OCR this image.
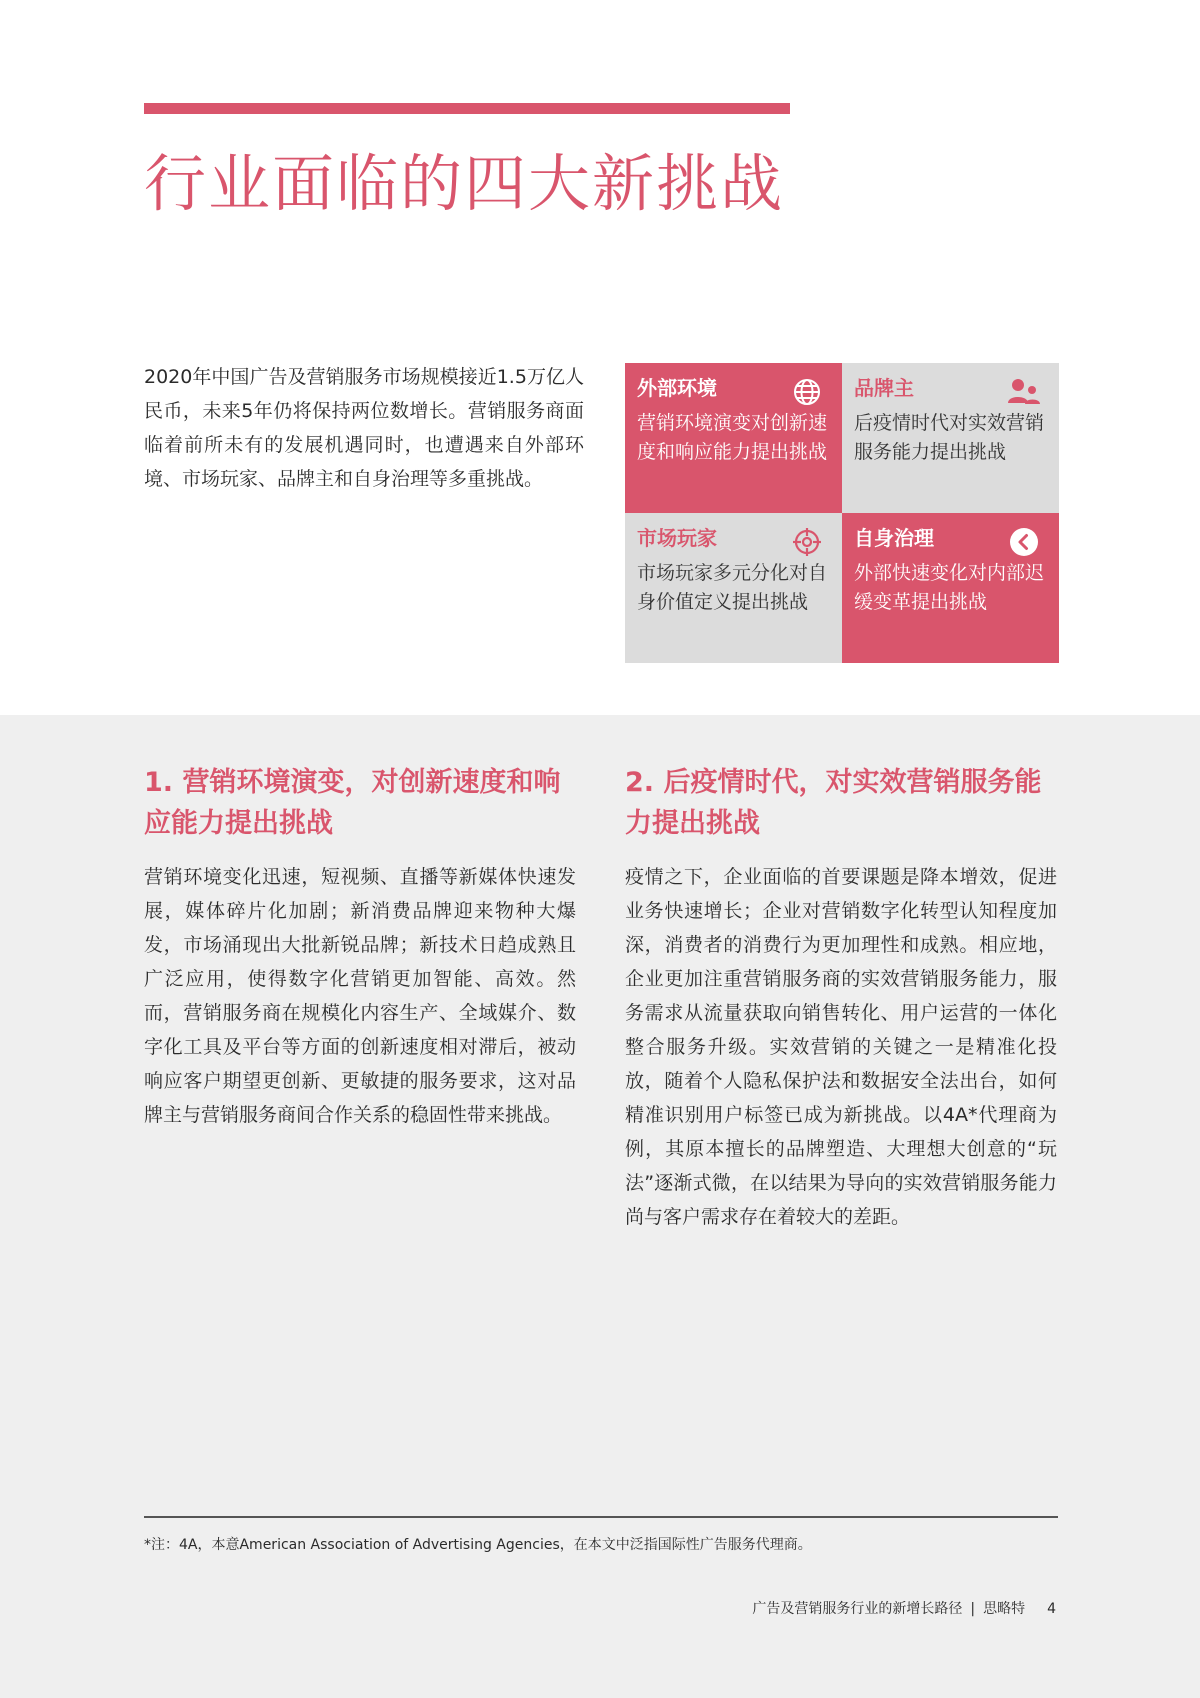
行业面临的四大新挑战
2020年中国广告及营销服务市场规模接近1.5万亿人民币，未来5年仍将保持两位数增长。营销服务商面临着前所未有的发展机遇同时，也遭遇来自外部环境、市场玩家、品牌主和自身治理等多重挑战。
外部环境
营销环境演变对创新速度和响应能力提出挑战
品牌主
后疫情时代对实效营销服务能力提出挑战
市场玩家
市场玩家多元分化对自身价值定义提出挑战
自身治理
外部快速变化对内部迟缓变革提出挑战
1. 营销环境演变，对创新速度和响应能力提出挑战
营销环境变化迅速，短视频、直播等新媒体快速发展，媒体碎片化加剧；新消费品牌迎来物种大爆发，市场涌现出大批新锐品牌；新技术日趋成熟且广泛应用，使得数字化营销更加智能、高效。然而，营销服务商在规模化内容生产、全域媒介、数字化工具及平台等方面的创新速度相对滞后，被动响应客户期望更创新、更敏捷的服务要求，这对品牌主与营销服务商间合作关系的稳固性带来挑战。
2. 后疫情时代，对实效营销服务能力提出挑战
疫情之下，企业面临的首要课题是降本增效，促进业务快速增长；企业对营销数字化转型认知程度加深，消费者的消费行为更加理性和成熟。相应地，企业更加注重营销服务商的实效营销服务能力，服务需求从流量获取向销售转化、用户运营的一体化整合服务升级。实效营销的关键之一是精准化投放，随着个人隐私保护法和数据安全法出台，如何精准识别用户标签已成为新挑战。以4A*代理商为例，其原本擅长的品牌塑造、大理想大创意的“玩法”逐渐式微，在以结果为导向的实效营销服务能力尚与客户需求存在着较大的差距。
*注：4A，本意American Association of Advertising Agencies，在本文中泛指国际性广告服务代理商。
广告及营销服务行业的新增长路径 | 思略特 4
